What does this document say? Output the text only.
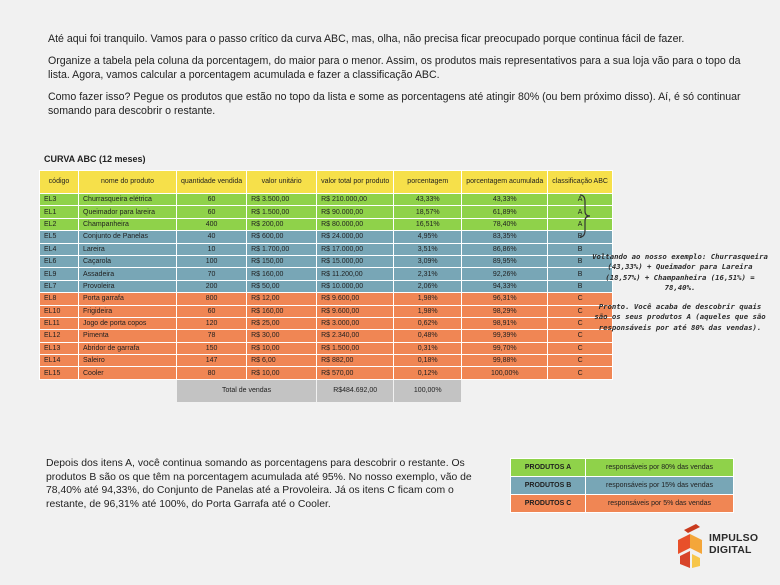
Até aqui foi tranquilo. Vamos para o passo crítico da curva ABC, mas, olha, não precisa ficar preocupado porque continua fácil de fazer.

Organize a tabela pela coluna da porcentagem, do maior para o menor. Assim, os produtos mais representativos para a sua loja vão para o topo da lista. Agora, vamos calcular a porcentagem acumulada e fazer a classificação ABC.

Como fazer isso? Pegue os produtos que estão no topo da lista e some as porcentagens até atingir 80% (ou bem próximo disso). Aí, é só continuar somando para descobrir o restante.

CURVA ABC (12 meses)
código	nome do produto	quantidade vendida	valor unitário	valor total por produto	porcentagem	porcentagem acumulada	classificação ABC
EL3	Churrasqueira elétrica	60	R$ 3.500,00	R$ 210.000,00	43,33%	43,33%	A
EL1	Queimador para lareira	60	R$ 1.500,00	R$ 90.000,00	18,57%	61,89%	A
EL2	Champanheira	400	R$ 200,00	R$ 80.000,00	16,51%	78,40%	A
EL5	Conjunto de Panelas	40	R$ 600,00	R$ 24.000,00	4,95%	83,35%	B
EL4	Lareira	10	R$ 1.700,00	R$ 17.000,00	3,51%	86,86%	B
EL6	Caçarola	100	R$ 150,00	R$ 15.000,00	3,09%	89,95%	B
EL9	Assadeira	70	R$ 160,00	R$ 11.200,00	2,31%	92,26%	B
EL7	Provoleira	200	R$ 50,00	R$ 10.000,00	2,06%	94,33%	B
EL8	Porta garrafa	800	R$ 12,00	R$ 9.600,00	1,98%	96,31%	C
EL10	Frigideira	60	R$ 160,00	R$ 9.600,00	1,98%	98,29%	C
EL11	Jogo de porta copos	120	R$ 25,00	R$ 3.000,00	0,62%	98,91%	C
EL12	Pimenta	78	R$ 30,00	R$ 2.340,00	0,48%	99,39%	C
EL13	Abridor de garrafa	150	R$ 10,00	R$ 1.500,00	0,31%	99,70%	C
EL14	Saleiro	147	R$ 6,00	R$ 882,00	0,18%	99,88%	C
EL15	Cooler	80	R$ 10,00	R$ 570,00	0,12%	100,00%	C
		Total de vendas		R$484.692,00	100,00%		

Voltando ao nosso exemplo: Churrasqueira (43,33%) + Queimador para Lareira (18,57%) + Champanheira (16,51%) = 78,40%.

Pronto. Você acaba de descobrir quais são os seus produtos A (aqueles que são responsáveis por até 80% das vendas).

Depois dos itens A, você continua somando as porcentagens para descobrir o restante. Os produtos B são os que têm na porcentagem acumulada até 95%. No nosso exemplo, vão de 78,40% até 94,33%, do Conjunto de Panelas até a Provoleira. Já os itens C ficam com o restante, de 96,31% até 100%, do Porta Garrafa até o Cooler.
PRODUTOS A	responsáveis por 80% das vendas
PRODUTOS B	responsáveis por 15% das vendas
PRODUTOS C	responsáveis por 5% das vendas
IMPULSO
DIGITAL
